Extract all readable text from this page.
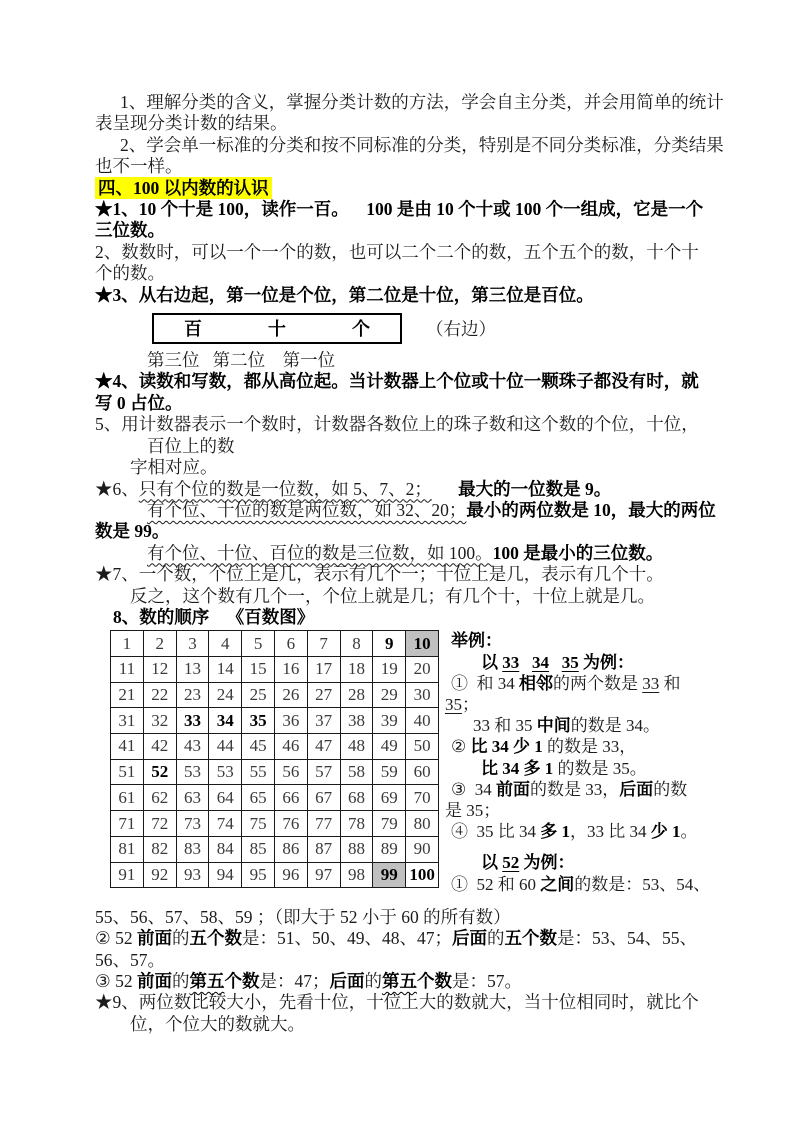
1、理解分类的含义，掌握分类计数的方法，学会自主分类，并会用简单的统计
表呈现分类计数的结果。
2、学会单一标准的分类和按不同标准的分类，特别是不同分类标准，分类结果
也不一样。
四、100 以内数的认识
★1、10 个十是 100，读作一百。    100 是由 10 个十或 100 个一组成，它是一个
三位数。
2、数数时，可以一个一个的数，也可以二个二个的数，五个五个的数，十个十
个的数。
★3、从右边起，第一位是个位，第二位是十位，第三位是百位。
百	十	个	（右边）
第三位   第二位    第一位
★4、读数和写数，都从高位起。当计数器上个位或十位一颗珠子都没有时，就
写 0 占位。
5、用计数器表示一个数时，计数器各数位上的珠子数和这个数的个位，十位，
百位上的数
字相对应。
★6、只有个位的数是一位数，如 5、7、2； 最大的一位数是 9。
有个位、十位的数是两位数，如 32、20；最小的两位数是 10，最大的两位
数是 99。
有个位、十位、百位的数是三位数，如 100。100 是最小的三位数。
★7、一个数，个位上是几，表示有几个一；十位上是几，表示有几个十。
反之，这个数有几个一，个位上就是几；有几个十，十位上就是几。
8、数的顺序    《百数图》
1	2	3	4	5	6	7	8	9	10
11	12	13	14	15	16	17	18	19	20
21	22	23	24	25	26	27	28	29	30
31	32	33	34	35	36	37	38	39	40
41	42	43	44	45	46	47	48	49	50
51	52	53	53	55	56	57	58	59	60
61	62	63	64	65	66	67	68	69	70
71	72	73	74	75	76	77	78	79	80
81	82	83	84	85	86	87	88	89	90
91	92	93	94	95	96	97	98	99	100
举例：
以 33 34 35 为例：
①  和 34 相邻的两个数是 33 和
35；
33 和 35 中间的数是 34。
② 比 34 少 1 的数是 33，
比 34 多 1 的数是 35。
③  34 前面的数是 33，后面的数
是 35；
④  35 比 34 多 1，33 比 34 少 1。
以 52 为例：
①  52 和 60 之间的数是：53、54、
55、56、57、58、59 ；（即大于 52 小于 60 的所有数）
② 52 前面的五个数是：51、50、49、48、47；后面的五个数是：53、54、55、
56、57。
③ 52 前面的第五个数是：47；后面的第五个数是：57。
★9、两位数比较大小，先看十位，十位上大的数就大，当十位相同时，就比个
位，个位大的数就大。
